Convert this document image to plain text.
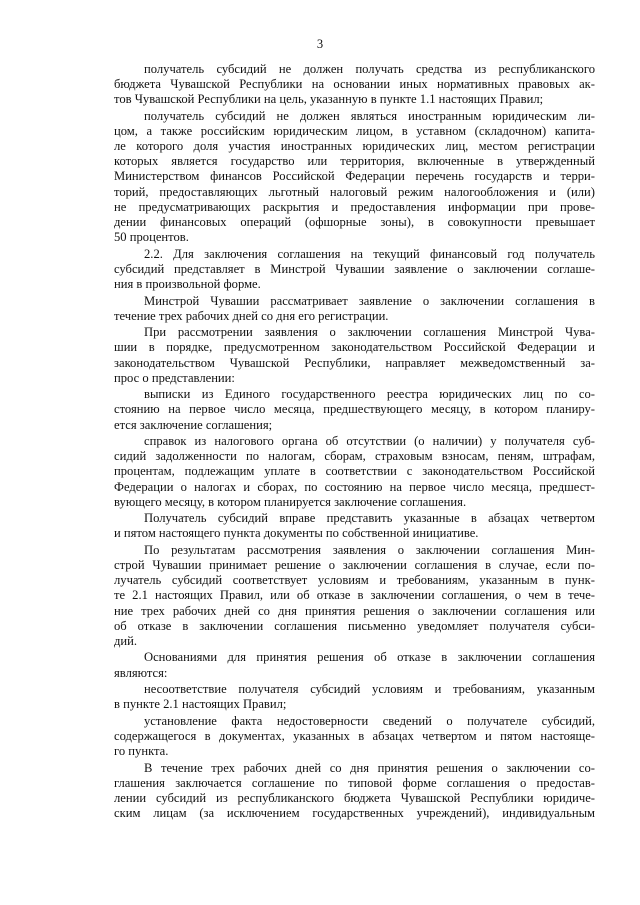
3

получатель субсидий не должен получать средства из республиканского
бюджета Чувашской Республики на основании иных нормативных правовых ак-
тов Чувашской Республики на цель, указанную в пункте 1.1 настоящих Правил;

получатель субсидий не должен являться иностранным юридическим ли-
цом, а также российским юридическим лицом, в уставном (складочном) капита-
ле которого доля участия иностранных юридических лиц, местом регистрации
которых является государство или территория, включенные в утвержденный
Министерством финансов Российской Федерации перечень государств и терри-
торий, предоставляющих льготный налоговый режим налогообложения и (или)
не предусматривающих раскрытия и предоставления информации при прове-
дении финансовых операций (офшорные зоны), в совокупности превышает
50 процентов.

2.2. Для заключения соглашения на текущий финансовый год получатель
субсидий представляет в Минстрой Чувашии заявление о заключении соглаше-
ния в произвольной форме.

Минстрой Чувашии рассматривает заявление о заключении соглашения в
течение трех рабочих дней со дня его регистрации.

При рассмотрении заявления о заключении соглашения Минстрой Чува-
шии в порядке, предусмотренном законодательством Российской Федерации и
законодательством Чувашской Республики, направляет межведомственный за-
прос о представлении:

выписки из Единого государственного реестра юридических лиц по со-
стоянию на первое число месяца, предшествующего месяцу, в котором планиру-
ется заключение соглашения;

справок из налогового органа об отсутствии (о наличии) у получателя суб-
сидий задолженности по налогам, сборам, страховым взносам, пеням, штрафам,
процентам, подлежащим уплате в соответствии с законодательством Российской
Федерации о налогах и сборах, по состоянию на первое число месяца, предшест-
вующего месяцу, в котором планируется заключение соглашения.

Получатель субсидий вправе представить указанные в абзацах четвертом
и пятом настоящего пункта документы по собственной инициативе.

По результатам рассмотрения заявления о заключении соглашения Мин-
строй Чувашии принимает решение о заключении соглашения в случае, если по-
лучатель субсидий соответствует условиям и требованиям, указанным в пунк-
те 2.1 настоящих Правил, или об отказе в заключении соглашения, о чем в тече-
ние трех рабочих дней со дня принятия решения о заключении соглашения или
об отказе в заключении соглашения письменно уведомляет получателя субси-
дий.

Основаниями для принятия решения об отказе в заключении соглашения
являются:

несоответствие получателя субсидий условиям и требованиям, указанным
в пункте 2.1 настоящих Правил;

установление факта недостоверности сведений о получателе субсидий,
содержащегося в документах, указанных в абзацах четвертом и пятом настояще-
го пункта.

В течение трех рабочих дней со дня принятия решения о заключении со-
глашения заключается соглашение по типовой форме соглашения о предостав-
лении субсидий из республиканского бюджета Чувашской Республики юридиче-
ским лицам (за исключением государственных учреждений), индивидуальным
